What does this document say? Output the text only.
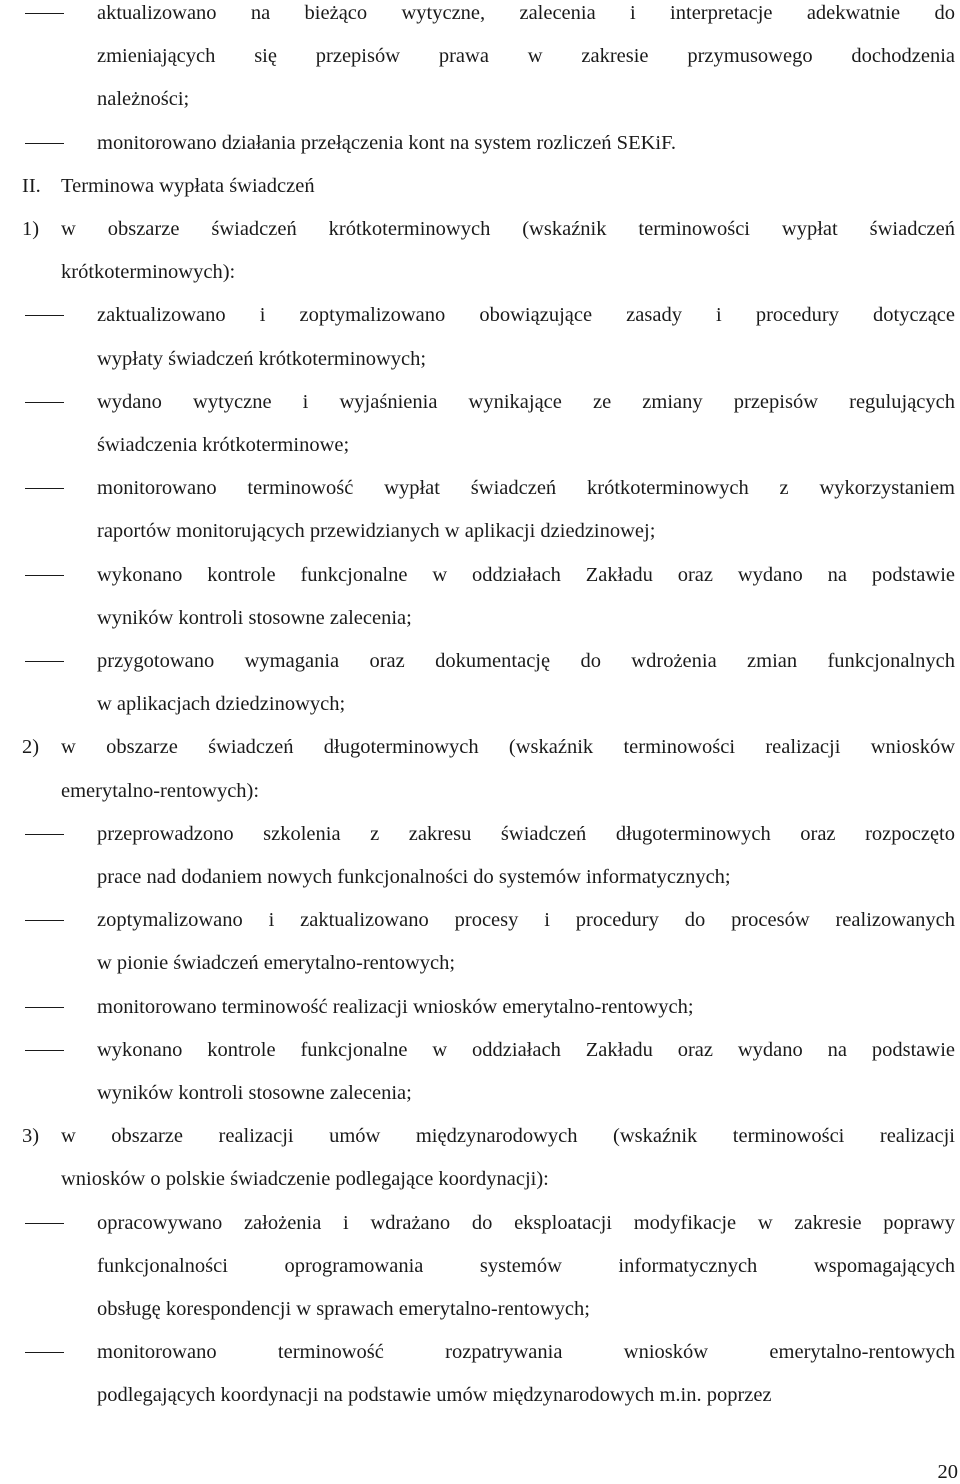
aktualizowano na bieżąco wytyczne, zalecenia i interpretacje adekwatnie do
zmieniających się przepisów prawa w zakresie przymusowego dochodzenia
należności;
monitorowano działania przełączenia kont na system rozliczeń SEKiF.
II. Terminowa wypłata świadczeń
1) w obszarze świadczeń krótkoterminowych (wskaźnik terminowości wypłat świadczeń
krótkoterminowych):
zaktualizowano i zoptymalizowano obowiązujące zasady i procedury dotyczące
wypłaty świadczeń krótkoterminowych;
wydano wytyczne i wyjaśnienia wynikające ze zmiany przepisów regulujących
świadczenia krótkoterminowe;
monitorowano terminowość wypłat świadczeń krótkoterminowych z wykorzystaniem
raportów monitorujących przewidzianych w aplikacji dziedzinowej;
wykonano kontrole funkcjonalne w oddziałach Zakładu oraz wydano na podstawie
wyników kontroli stosowne zalecenia;
przygotowano wymagania oraz dokumentację do wdrożenia zmian funkcjonalnych
w aplikacjach dziedzinowych;
2) w obszarze świadczeń długoterminowych (wskaźnik terminowości realizacji wniosków
emerytalno-rentowych):
przeprowadzono szkolenia z zakresu świadczeń długoterminowych oraz rozpoczęto
prace nad dodaniem nowych funkcjonalności do systemów informatycznych;
zoptymalizowano i zaktualizowano procesy i procedury do procesów realizowanych
w pionie świadczeń emerytalno-rentowych;
monitorowano terminowość realizacji wniosków emerytalno-rentowych;
wykonano kontrole funkcjonalne w oddziałach Zakładu oraz wydano na podstawie
wyników kontroli stosowne zalecenia;
3) w obszarze realizacji umów międzynarodowych (wskaźnik terminowości realizacji
wniosków o polskie świadczenie podlegające koordynacji):
opracowywano założenia i wdrażano do eksploatacji modyfikacje w zakresie poprawy
funkcjonalności oprogramowania systemów informatycznych wspomagających
obsługę korespondencji w sprawach emerytalno-rentowych;
monitorowano terminowość rozpatrywania wniosków emerytalno-rentowych
podlegających koordynacji na podstawie umów międzynarodowych m.in. poprzez
20
